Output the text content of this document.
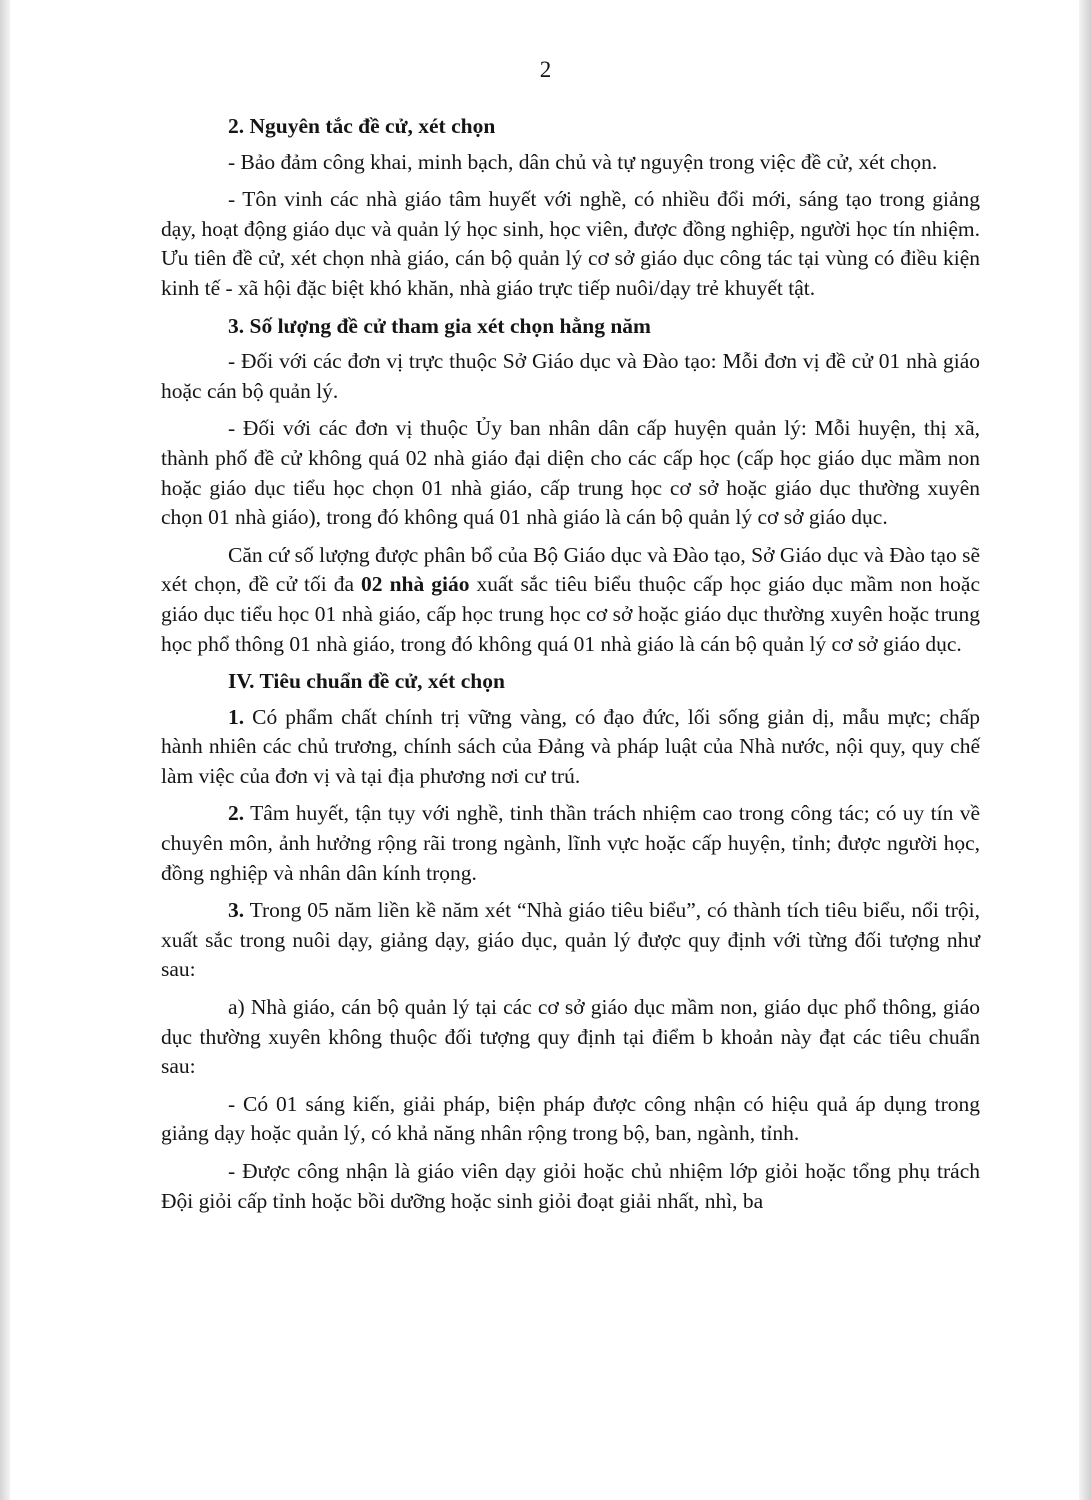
2

2. Nguyên tắc đề cử, xét chọn

- Bảo đảm công khai, minh bạch, dân chủ và tự nguyện trong việc đề cử, xét chọn.

- Tôn vinh các nhà giáo tâm huyết với nghề, có nhiều đổi mới, sáng tạo trong giảng dạy, hoạt động giáo dục và quản lý học sinh, học viên, được đồng nghiệp, người học tín nhiệm. Ưu tiên đề cử, xét chọn nhà giáo, cán bộ quản lý cơ sở giáo dục công tác tại vùng có điều kiện kinh tế - xã hội đặc biệt khó khăn, nhà giáo trực tiếp nuôi/dạy trẻ khuyết tật.

3. Số lượng đề cử tham gia xét chọn hằng năm

- Đối với các đơn vị trực thuộc Sở Giáo dục và Đào tạo: Mỗi đơn vị đề cử 01 nhà giáo hoặc cán bộ quản lý.

- Đối với các đơn vị thuộc Ủy ban nhân dân cấp huyện quản lý: Mỗi huyện, thị xã, thành phố đề cử không quá 02 nhà giáo đại diện cho các cấp học (cấp học giáo dục mầm non hoặc giáo dục tiểu học chọn 01 nhà giáo, cấp trung học cơ sở hoặc giáo dục thường xuyên chọn 01 nhà giáo), trong đó không quá 01 nhà giáo là cán bộ quản lý cơ sở giáo dục.

Căn cứ số lượng được phân bổ của Bộ Giáo dục và Đào tạo, Sở Giáo dục và Đào tạo sẽ xét chọn, đề cử tối đa 02 nhà giáo xuất sắc tiêu biểu thuộc cấp học giáo dục mầm non hoặc giáo dục tiểu học 01 nhà giáo, cấp học trung học cơ sở hoặc giáo dục thường xuyên hoặc trung học phổ thông 01 nhà giáo, trong đó không quá 01 nhà giáo là cán bộ quản lý cơ sở giáo dục.

IV. Tiêu chuẩn đề cử, xét chọn

1. Có phẩm chất chính trị vững vàng, có đạo đức, lối sống giản dị, mẫu mực; chấp hành nhiên các chủ trương, chính sách của Đảng và pháp luật của Nhà nước, nội quy, quy chế làm việc của đơn vị và tại địa phương nơi cư trú.

2. Tâm huyết, tận tụy với nghề, tinh thần trách nhiệm cao trong công tác; có uy tín về chuyên môn, ảnh hưởng rộng rãi trong ngành, lĩnh vực hoặc cấp huyện, tỉnh; được người học, đồng nghiệp và nhân dân kính trọng.

3. Trong 05 năm liền kề năm xét “Nhà giáo tiêu biểu”, có thành tích tiêu biểu, nổi trội, xuất sắc trong nuôi dạy, giảng dạy, giáo dục, quản lý được quy định với từng đối tượng như sau:

a) Nhà giáo, cán bộ quản lý tại các cơ sở giáo dục mầm non, giáo dục phổ thông, giáo dục thường xuyên không thuộc đối tượng quy định tại điểm b khoản này đạt các tiêu chuẩn sau:

- Có 01 sáng kiến, giải pháp, biện pháp được công nhận có hiệu quả áp dụng trong giảng dạy hoặc quản lý, có khả năng nhân rộng trong bộ, ban, ngành, tỉnh.

- Được công nhận là giáo viên dạy giỏi hoặc chủ nhiệm lớp giỏi hoặc tổng phụ trách Đội giỏi cấp tỉnh hoặc bồi dưỡng hoặc sinh giỏi đoạt giải nhất, nhì, ba
